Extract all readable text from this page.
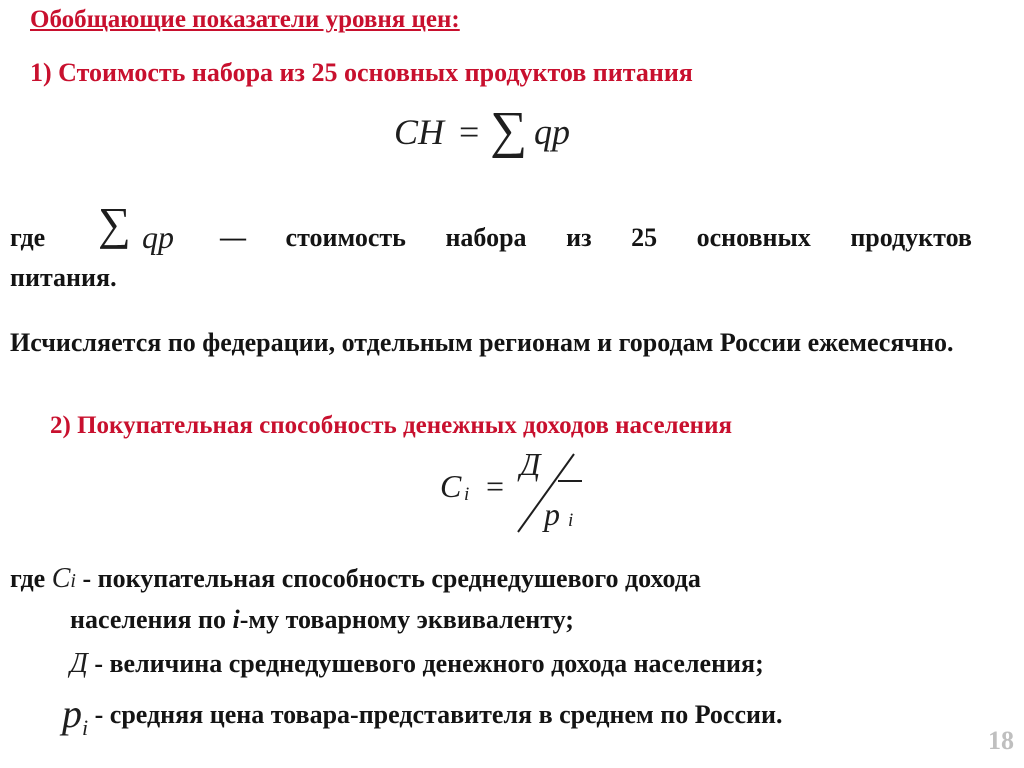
Обобщающие показатели уровня цен:
1) Стоимость набора из 25 основных продуктов питания
CH = ∑ qp
где ∑ qp — стоимость набора из 25 основных продуктов
питания.
Исчисляется по федерации, отдельным регионам и городам России ежемесячно.
2) Покупательная способность денежных доходов населения
C i =
Д
p i
где Ci - покупательная способность среднедушевого дохода
населения по i-му товарному эквиваленту;
Д - величина среднедушевого денежного дохода населения;
$p_i$ - средняя цена товара-представителя в среднем по России.
18
